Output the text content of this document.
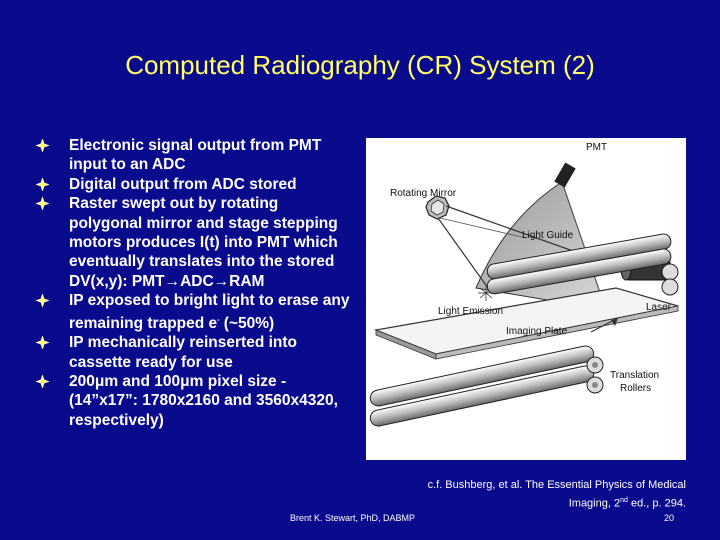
Computed Radiography (CR) System (2)
Electronic signal output from PMT input to an ADC
Digital output from ADC stored
Raster swept out by rotating polygonal mirror and stage stepping motors produces I(t) into PMT which eventually translates into the stored DV(x,y): PMT→ADC→RAM
IP exposed to bright light to erase any remaining trapped e- (~50%)
IP mechanically reinserted into cassette ready for use
200μm and 100μm pixel size - (14”x17”: 1780x2160 and 3560x4320, respectively)
PMT
Rotating Mirror
Light Guide
Laser
Light Emission
Imaging Plate
Translation
Rollers
c.f. Bushberg, et al. The Essential Physics of Medical
Imaging, 2nd ed., p. 294.
Brent K. Stewart, PhD, DABMP	20
